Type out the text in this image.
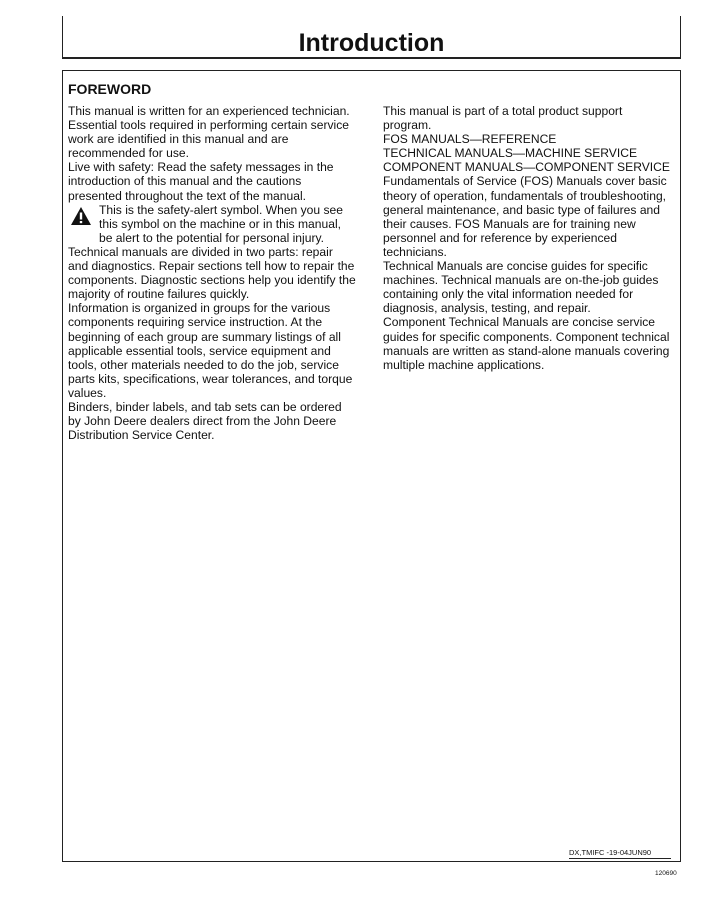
Introduction
FOREWORD

This manual is written for an experienced technician.

Essential tools required in performing certain service

work are identified in this manual and are

recommended for use.

Live with safety: Read the safety messages in the

introduction of this manual and the cautions

presented throughout the text of the manual.

This is the safety-alert symbol. When you see

this symbol on the machine or in this manual,

be alert to the potential for personal injury.

Technical manuals are divided in two parts: repair

and diagnostics. Repair sections tell how to repair the

components. Diagnostic sections help you identify the

majority of routine failures quickly.

Information is organized in groups for the various

components requiring service instruction. At the

beginning of each group are summary listings of all

applicable essential tools, service equipment and

tools, other materials needed to do the job, service

parts kits, specifications, wear tolerances, and torque

values.

Binders, binder labels, and tab sets can be ordered

by John Deere dealers direct from the John Deere

Distribution Service Center.

This manual is part of a total product support

program.

FOS MANUALS—REFERENCE

TECHNICAL MANUALS—MACHINE SERVICE

COMPONENT MANUALS—COMPONENT SERVICE

Fundamentals of Service (FOS) Manuals cover basic

theory of operation, fundamentals of troubleshooting,

general maintenance, and basic type of failures and

their causes. FOS Manuals are for training new

personnel and for reference by experienced

technicians.

Technical Manuals are concise guides for specific

machines. Technical manuals are on-the-job guides

containing only the vital information needed for

diagnosis, analysis, testing, and repair.

Component Technical Manuals are concise service

guides for specific components. Component technical

manuals are written as stand-alone manuals covering

multiple machine applications.

DX,TMIFC -19-04JUN90
120690
